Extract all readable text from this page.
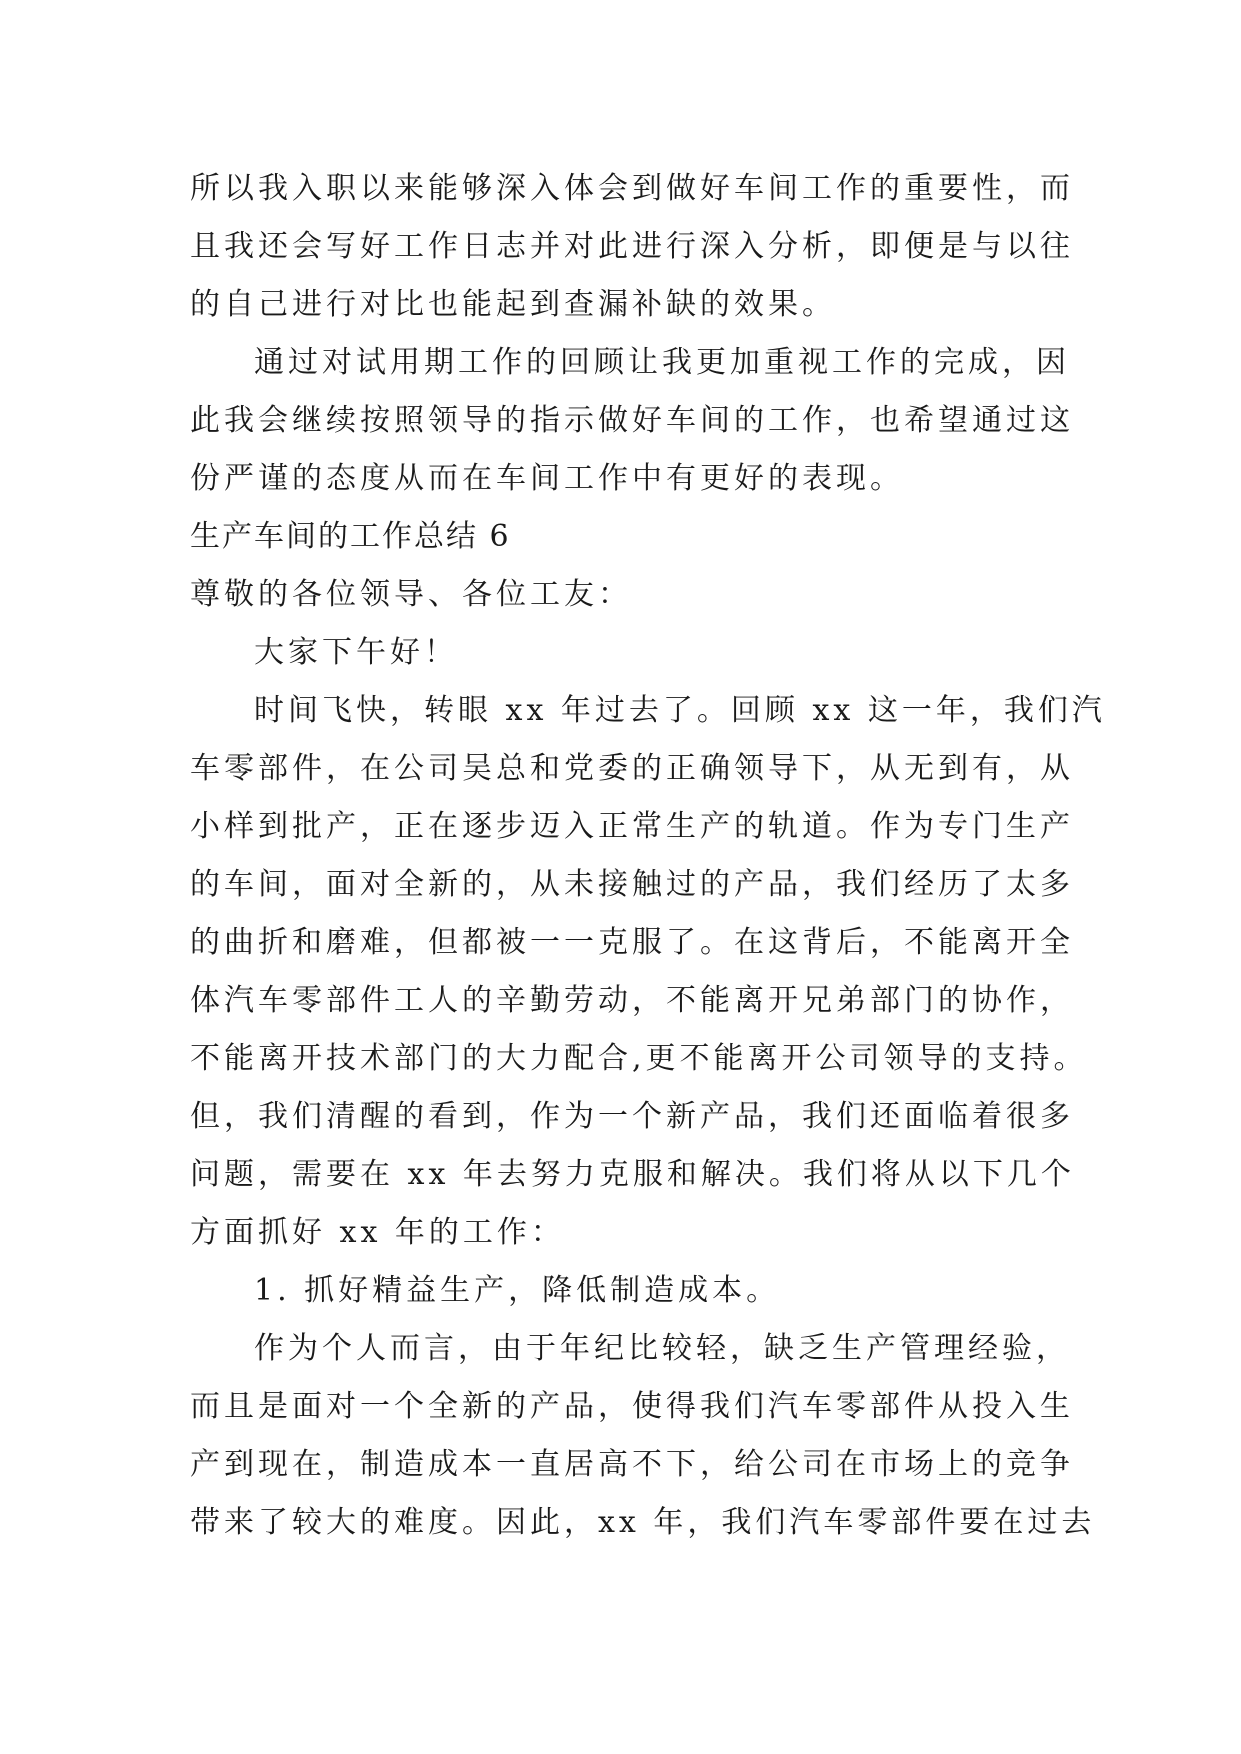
所以我入职以来能够深入体会到做好车间工作的重要性，而
且我还会写好工作日志并对此进行深入分析，即便是与以往
的自己进行对比也能起到查漏补缺的效果。
通过对试用期工作的回顾让我更加重视工作的完成，因
此我会继续按照领导的指示做好车间的工作，也希望通过这
份严谨的态度从而在车间工作中有更好的表现。
生产车间的工作总结 6
尊敬的各位领导、各位工友：
大家下午好！
时间飞快，转眼 xx 年过去了。回顾 xx 这一年，我们汽
车零部件，在公司吴总和党委的正确领导下，从无到有，从
小样到批产，正在逐步迈入正常生产的轨道。作为专门生产
的车间，面对全新的，从未接触过的产品，我们经历了太多
的曲折和磨难，但都被一一克服了。在这背后，不能离开全
体汽车零部件工人的辛勤劳动，不能离开兄弟部门的协作，
不能离开技术部门的大力配合,更不能离开公司领导的支持。
但，我们清醒的看到，作为一个新产品，我们还面临着很多
问题，需要在 xx 年去努力克服和解决。我们将从以下几个
方面抓好 xx 年的工作：
1. 抓好精益生产，降低制造成本。
作为个人而言，由于年纪比较轻，缺乏生产管理经验，
而且是面对一个全新的产品，使得我们汽车零部件从投入生
产到现在，制造成本一直居高不下，给公司在市场上的竞争
带来了较大的难度。因此，xx 年，我们汽车零部件要在过去
